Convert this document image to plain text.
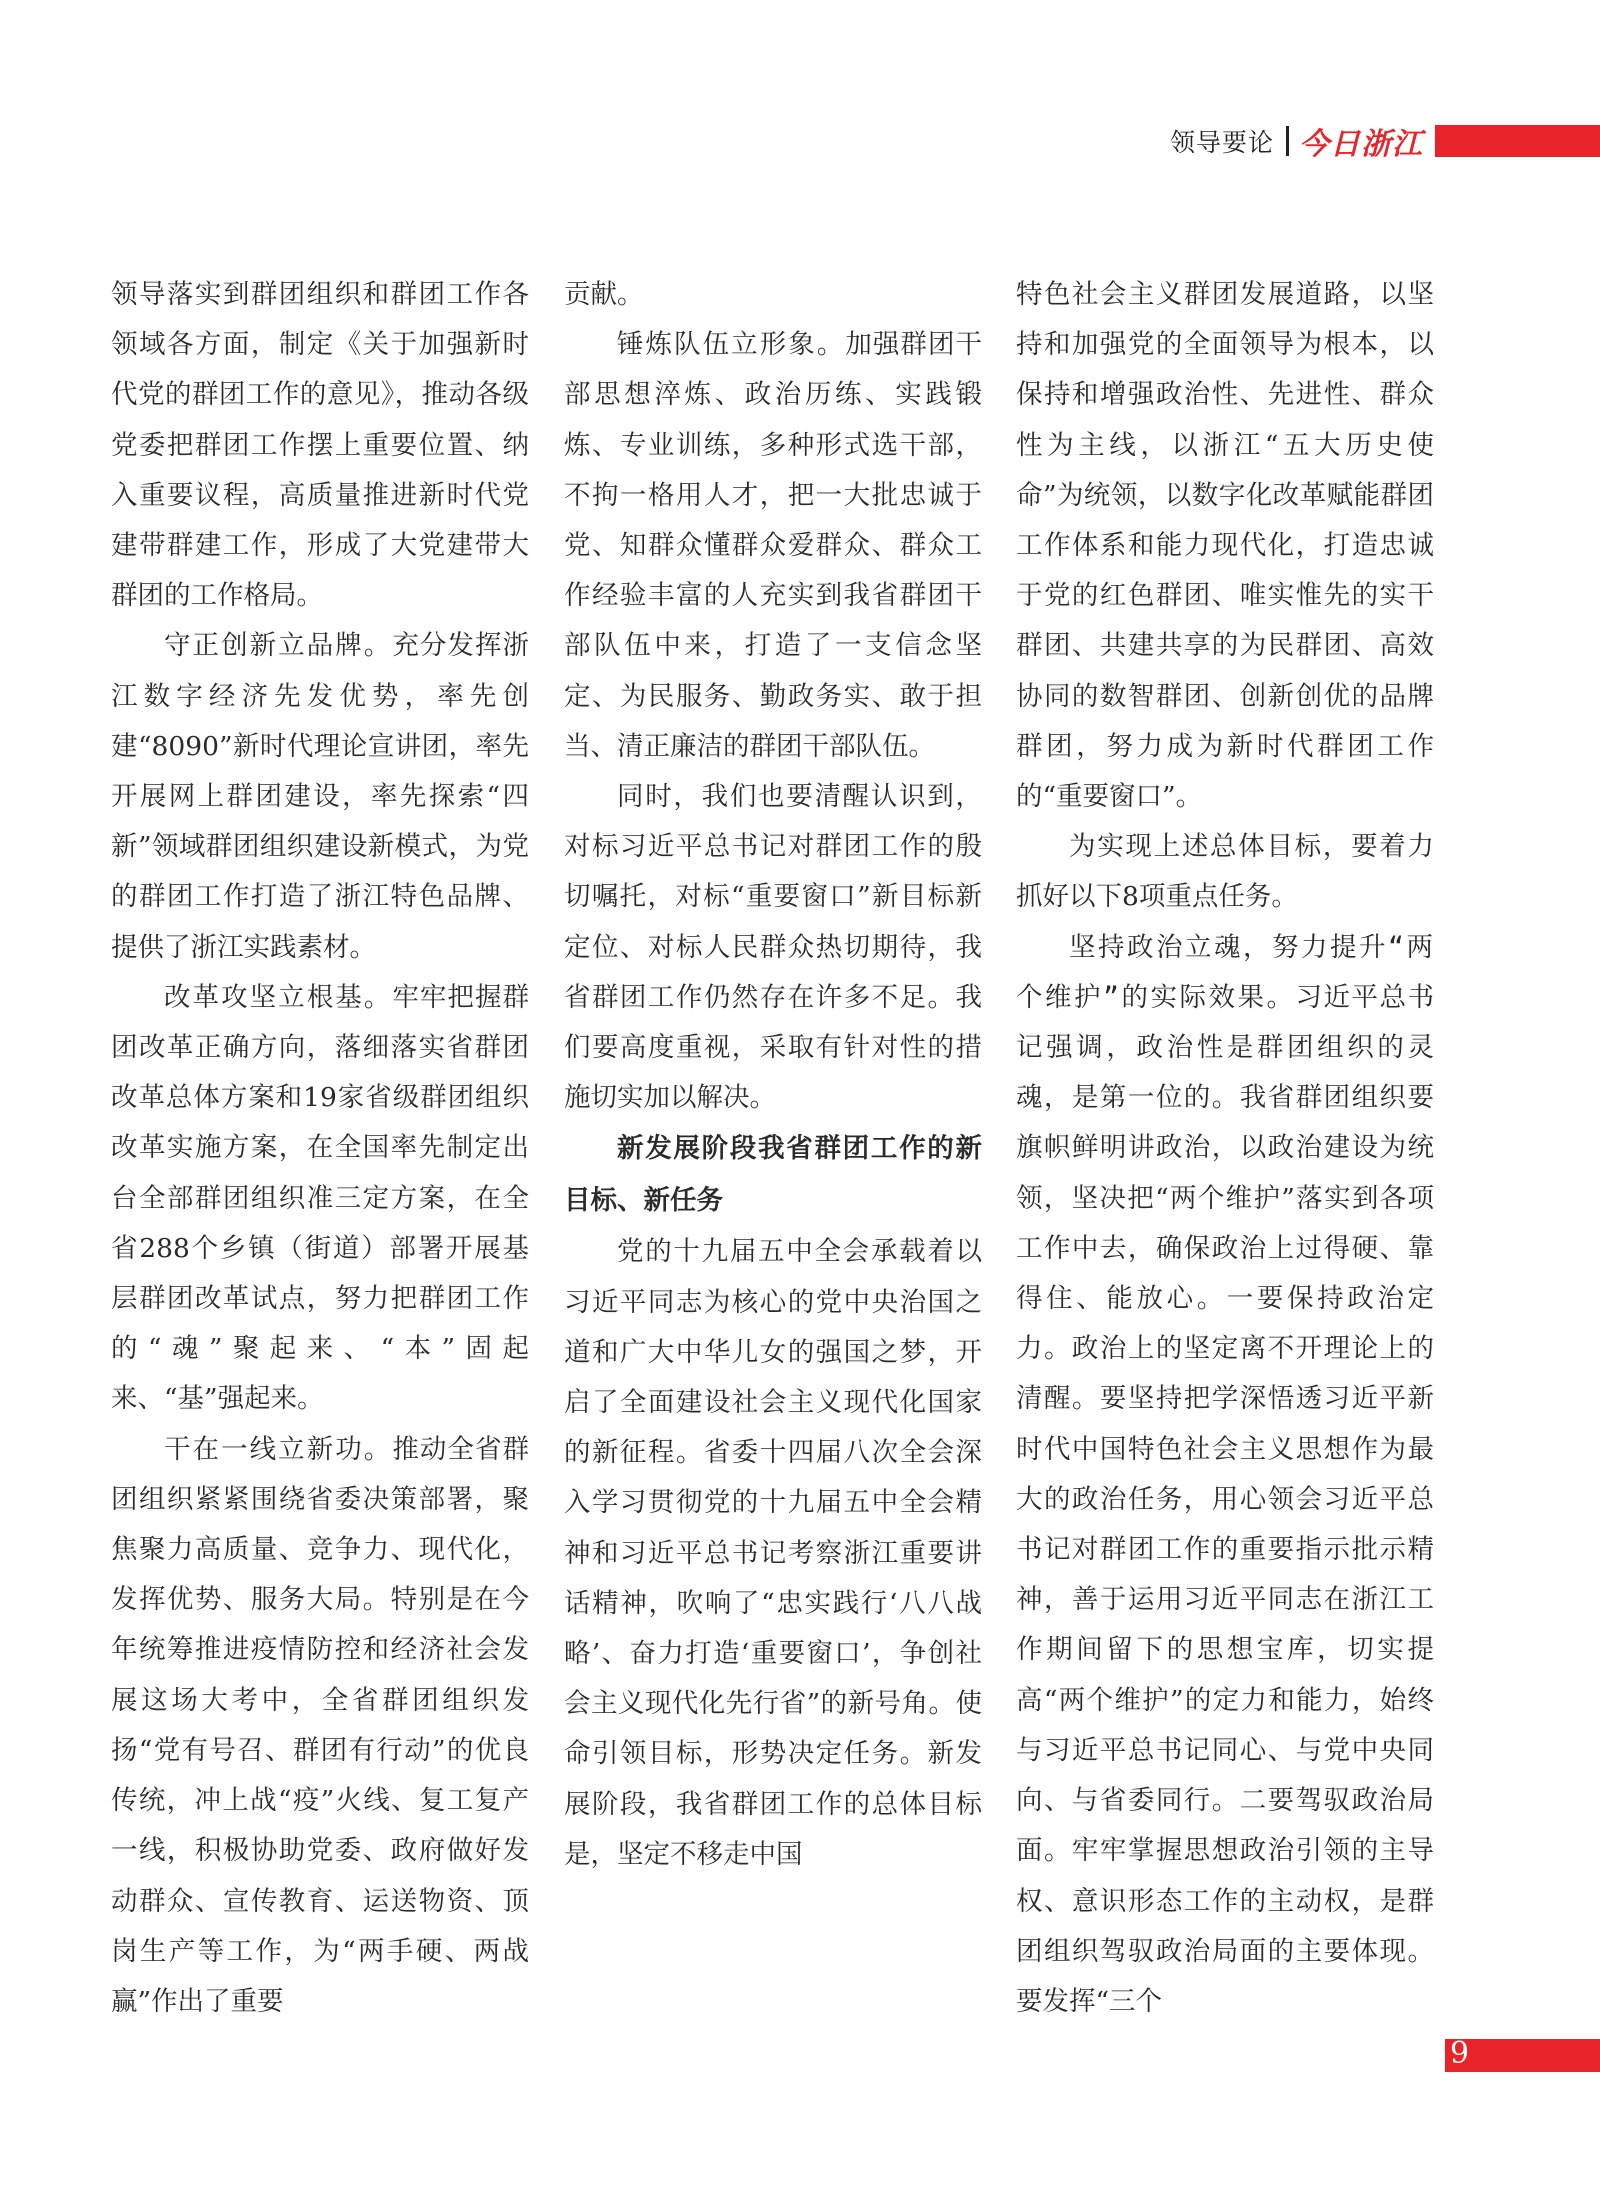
领导要论 今日浙江

领导落实到群团组织和群团工作各领域各方面，制定《关于加强新时代党的群团工作的意见》，推动各级党委把群团工作摆上重要位置、纳入重要议程，高质量推进新时代党建带群建工作，形成了大党建带大群团的工作格局。

守正创新立品牌。充分发挥浙江数字经济先发优势，率先创建“8090”新时代理论宣讲团，率先开展网上群团建设，率先探索“四新”领域群团组织建设新模式，为党的群团工作打造了浙江特色品牌、提供了浙江实践素材。

改革攻坚立根基。牢牢把握群团改革正确方向，落细落实省群团改革总体方案和19家省级群团组织改革实施方案，在全国率先制定出台全部群团组织准三定方案，在全省288个乡镇（街道）部署开展基层群团改革试点，努力把群团工作的“魂”聚起来、“本”固起来、“基”强起来。

干在一线立新功。推动全省群团组织紧紧围绕省委决策部署，聚焦聚力高质量、竞争力、现代化，发挥优势、服务大局。特别是在今年统筹推进疫情防控和经济社会发展这场大考中，全省群团组织发扬“党有号召、群团有行动”的优良传统，冲上战“疫”火线、复工复产一线，积极协助党委、政府做好发动群众、宣传教育、运送物资、顶岗生产等工作，为“两手硬、两战赢”作出了重要

贡献。

锤炼队伍立形象。加强群团干部思想淬炼、政治历练、实践锻炼、专业训练，多种形式选干部，不拘一格用人才，把一大批忠诚于党、知群众懂群众爱群众、群众工作经验丰富的人充实到我省群团干部队伍中来，打造了一支信念坚定、为民服务、勤政务实、敢于担当、清正廉洁的群团干部队伍。

同时，我们也要清醒认识到，对标习近平总书记对群团工作的殷切嘱托，对标“重要窗口”新目标新定位、对标人民群众热切期待，我省群团工作仍然存在许多不足。我们要高度重视，采取有针对性的措施切实加以解决。

新发展阶段我省群团工作的新目标、新任务

党的十九届五中全会承载着以习近平同志为核心的党中央治国之道和广大中华儿女的强国之梦，开启了全面建设社会主义现代化国家的新征程。省委十四届八次全会深入学习贯彻党的十九届五中全会精神和习近平总书记考察浙江重要讲话精神，吹响了“忠实践行‘八八战略’、奋力打造‘重要窗口’，争创社会主义现代化先行省”的新号角。使命引领目标，形势决定任务。新发展阶段，我省群团工作的总体目标是，坚定不移走中国

特色社会主义群团发展道路，以坚持和加强党的全面领导为根本，以保持和增强政治性、先进性、群众性为主线，以浙江“五大历史使命”为统领，以数字化改革赋能群团工作体系和能力现代化，打造忠诚于党的红色群团、唯实惟先的实干群团、共建共享的为民群团、高效协同的数智群团、创新创优的品牌群团，努力成为新时代群团工作的“重要窗口”。

为实现上述总体目标，要着力抓好以下8项重点任务。

坚持政治立魂，努力提升“两个维护”的实际效果。习近平总书记强调，政治性是群团组织的灵魂，是第一位的。我省群团组织要旗帜鲜明讲政治，以政治建设为统领，坚决把“两个维护”落实到各项工作中去，确保政治上过得硬、靠得住、能放心。一要保持政治定力。政治上的坚定离不开理论上的清醒。要坚持把学深悟透习近平新时代中国特色社会主义思想作为最大的政治任务，用心领会习近平总书记对群团工作的重要指示批示精神，善于运用习近平同志在浙江工作期间留下的思想宝库，切实提高“两个维护”的定力和能力，始终与习近平总书记同心、与党中央同向、与省委同行。二要驾驭政治局面。牢牢掌握思想政治引领的主导权、意识形态工作的主动权，是群团组织驾驭政治局面的主要体现。要发挥“三个

9
